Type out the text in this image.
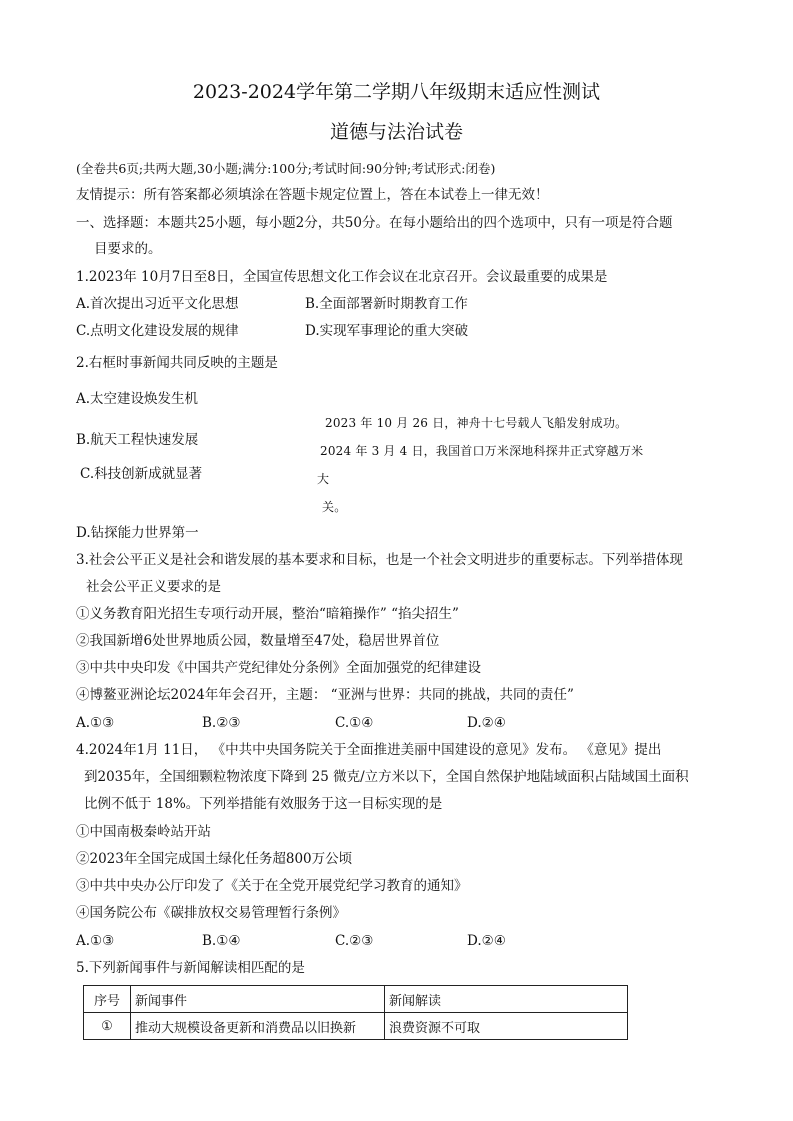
2023-2024学年第二学期八年级期末适应性测试
道德与法治试卷
(全卷共6页;共两大题,30小题;满分:100分;考试时间:90分钟;考试形式:闭卷)
友情提示：所有答案都必须填涂在答题卡规定位置上，答在本试卷上一律无效！
一、选择题：本题共25小题，每小题2分，共50分。在每小题给出的四个选项中，只有一项是符合题
目要求的。
1.2023年 10月7日至8日，全国宣传思想文化工作会议在北京召开。会议最重要的成果是
A.首次提出习近平文化思想	B.全面部署新时期教育工作
C.点明文化建设发展的规律	D.实现军事理论的重大突破
2.右框时事新闻共同反映的主题是
A.太空建设焕发生机
B.航天工程快速发展
C.科技创新成就显著
2023 年 10 月 26 日，神舟十七号载人飞船发射成功。
2024 年 3 月 4 日，我国首口万米深地科探井正式穿越万米
大
关。
D.钻探能力世界第一
3.社会公平正义是社会和谐发展的基本要求和目标，也是一个社会文明进步的重要标志。下列举措体现
社会公平正义要求的是
①义务教育阳光招生专项行动开展，整治“暗箱操作” “掐尖招生”
②我国新增6处世界地质公园，数量增至47处，稳居世界首位
③中共中央印发《中国共产党纪律处分条例》全面加强党的纪律建设
④博鳌亚洲论坛2024年年会召开，主题： “亚洲与世界：共同的挑战，共同的责任”
A.①③	B.②③	C.①④	D.②④
4.2024年1月 11日， 《中共中央国务院关于全面推进美丽中国建设的意见》发布。 《意见》提出
到2035年，全国细颗粒物浓度下降到 25 微克/立方米以下，全国自然保护地陆域面积占陆域国土面积
比例不低于 18%。下列举措能有效服务于这一目标实现的是
①中国南极秦岭站开站
②2023年全国完成国土绿化任务超800万公顷
③中共中央办公厅印发了《关于在全党开展党纪学习教育的通知》
④国务院公布《碳排放权交易管理暂行条例》
A.①③	B.①④	C.②③	D.②④
5.下列新闻事件与新闻解读相匹配的是
序号	新闻事件	新闻解读
①	推动大规模设备更新和消费品以旧换新	浪费资源不可取
